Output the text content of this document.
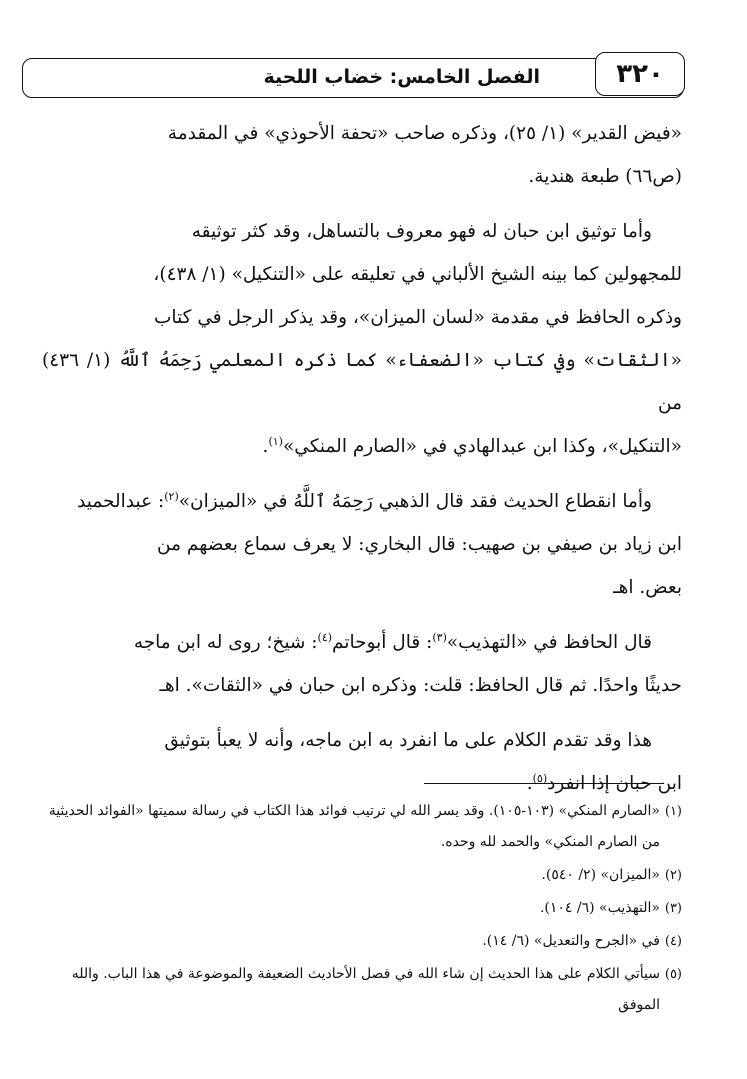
٣٢٠
الفصل الخامس: خضاب اللحية
«فيض القدير» (١/ ٢٥)، وذكره صاحب «تحفة الأحوذي» في المقدمة
(ص٦٦) طبعة هندية.
وأما توثيق ابن حبان له فهو معروف بالتساهل، وقد كثر توثيقه
للمجهولين كما بينه الشيخ الألباني في تعليقه على «التنكيل» (١/ ٤٣٨)،
وذكره الحافظ في مقدمة «لسان الميزان»، وقد يذكر الرجل في كتاب
«الثقات» وفي كتاب «الضعفاء» كما ذكره المعلمي رَحِمَهُ ٱللَّهُ (١/ ٤٣٦) من
«التنكيل»، وكذا ابن عبدالهادي في «الصارم المنكي»$^{(١)}$.
وأما انقطاع الحديث فقد قال الذهبي رَحِمَهُ ٱللَّهُ في «الميزان»$^{(٢)}$: عبدالحميد
ابن زياد بن صيفي بن صهيب: قال البخاري: لا يعرف سماع بعضهم من
بعض. اهـ
قال الحافظ في «التهذيب»$^{(٣)}$: قال أبوحاتم$^{(٤)}$: شيخ؛ روى له ابن ماجه
حديثًا واحدًا. ثم قال الحافظ: قلت: وذكره ابن حبان في «الثقات». اهـ
هذا وقد تقدم الكلام على ما انفرد به ابن ماجه، وأنه لا يعبأ بتوثيق
ابن حبان إذا انفرد$^{(٥)}$.
(١)
«الصارم المنكي» (١٠٣-١٠٥). وقد يسر الله لي ترتيب فوائد هذا الكتاب في رسالة سميتها «الفوائد الحديثية من الصارم المنكي» والحمد لله وحده.
(٢)
«الميزان» (٢/ ٥٤٠).
(٣)
«التهذيب» (٦/ ١٠٤).
(٤)
في «الجرح والتعديل» (٦/ ١٤).
(٥)
سيأتي الكلام على هذا الحديث إن شاء الله في فصل الأحاديث الضعيفة والموضوعة في هذا الباب. والله الموفق
